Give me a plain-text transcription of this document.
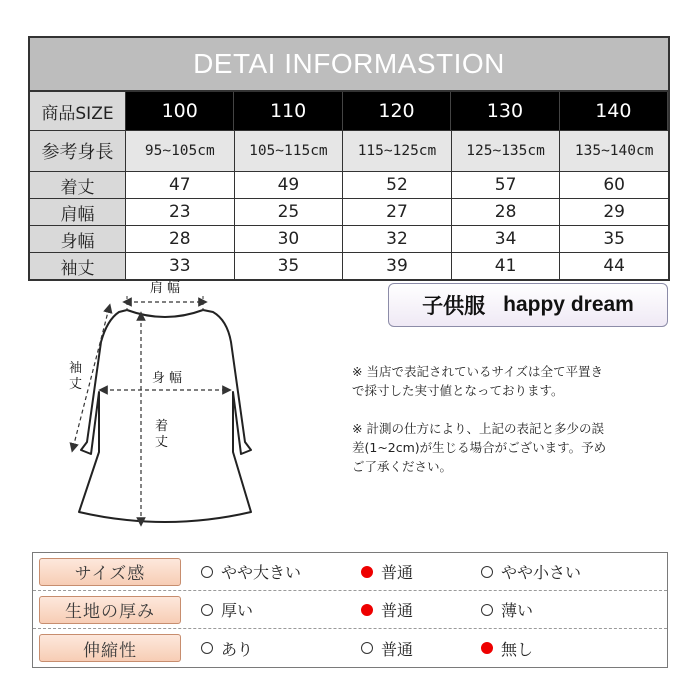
DETAI INFORMASTION
商品SIZE	100	110	120	130	140
参考身長	95~105cm	105~115cm	115~125cm	125~135cm	135~140cm
着丈	47	49	52	57	60
肩幅	23	25	27	28	29
身幅	28	30	32	34	35
袖丈	33	35	39	41	44
肩 幅
身 幅
着
丈
袖
丈
子供服 happy dream

※ 当店で表記されているサイズは全て平置き
で採寸した実寸値となっております。

※ 計測の仕方により、上記の表記と多少の誤
差(1~2cm)が生じる場合がございます。予め
ご了承ください。

サイズ感	やや大きい	普通	やや小さい
生地の厚み	厚い	普通	薄い
伸縮性	あり	普通	無し
